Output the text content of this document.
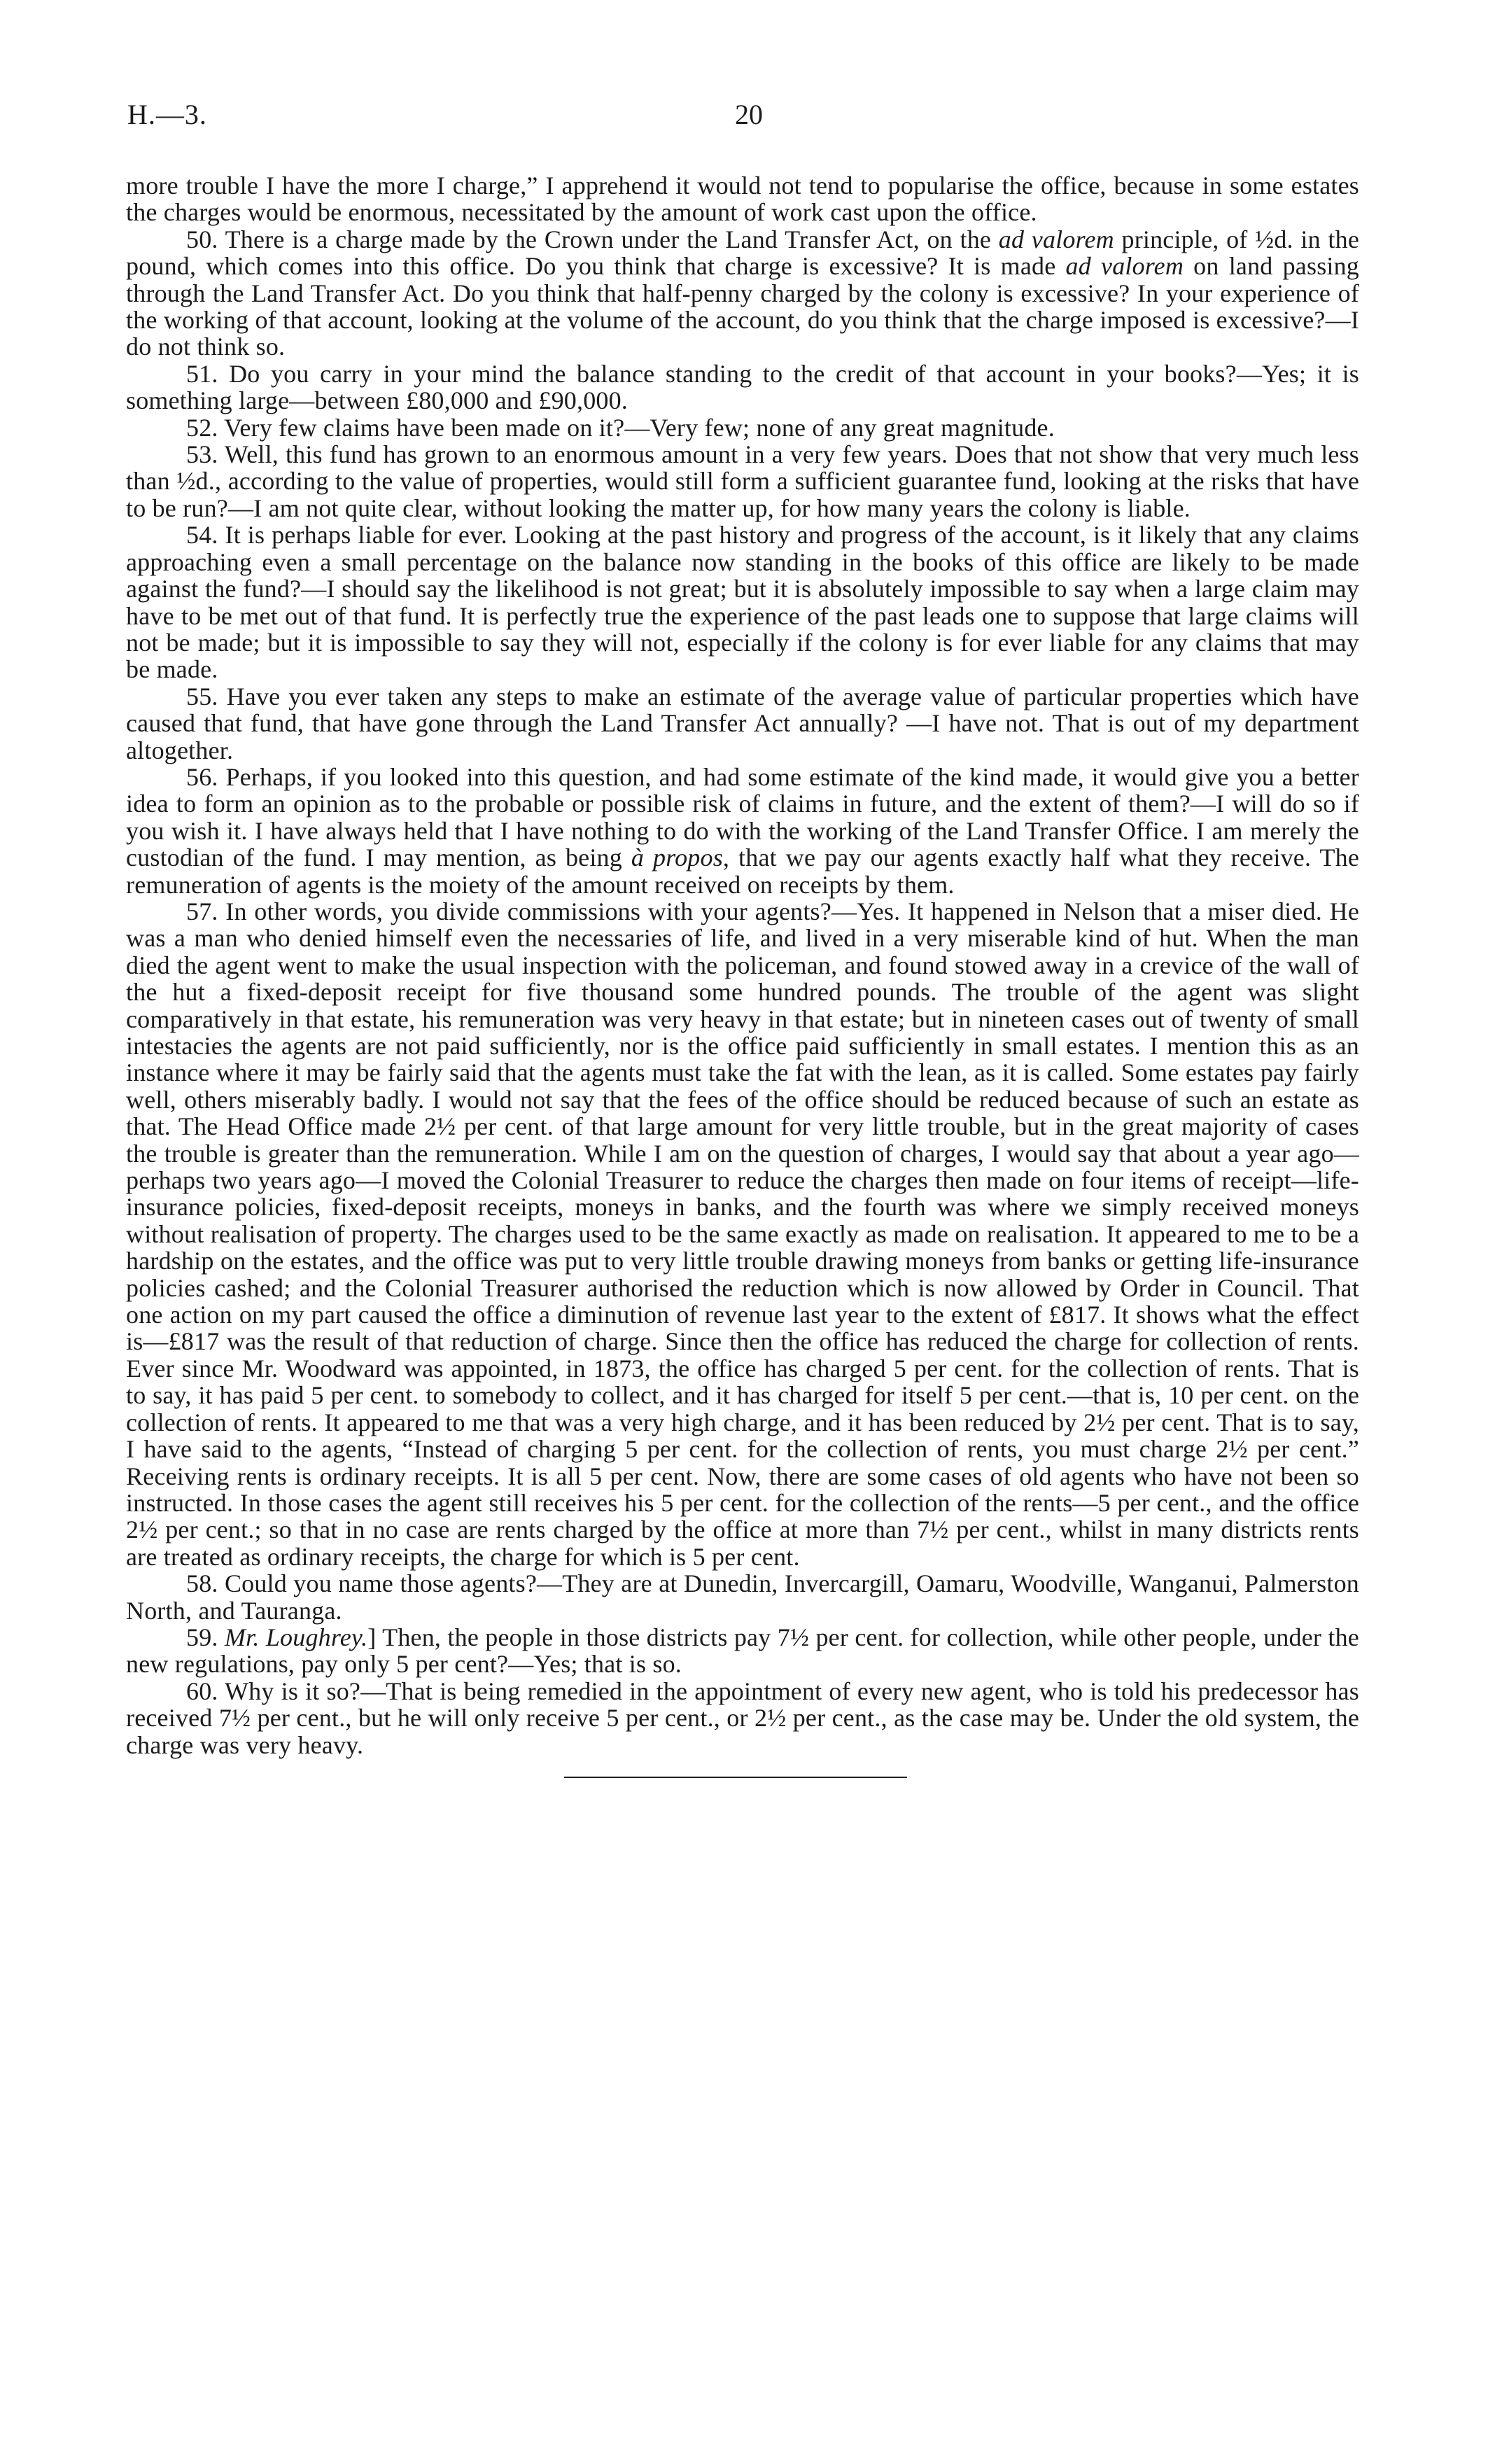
H.—3.	20

more trouble I have the more I charge,” I apprehend it would not tend to popularise the office, because in some estates the charges would be enormous, necessitated by the amount of work cast upon the office.

50. There is a charge made by the Crown under the Land Transfer Act, on the ad valorem principle, of ½d. in the pound, which comes into this office. Do you think that charge is excessive? It is made ad valorem on land passing through the Land Transfer Act. Do you think that half-penny charged by the colony is excessive? In your experience of the working of that account, looking at the volume of the account, do you think that the charge imposed is excessive?—I do not think so.

51. Do you carry in your mind the balance standing to the credit of that account in your books?—Yes; it is something large—between £80,000 and £90,000.

52. Very few claims have been made on it?—Very few; none of any great magnitude.

53. Well, this fund has grown to an enormous amount in a very few years. Does that not show that very much less than ½d., according to the value of properties, would still form a sufficient guarantee fund, looking at the risks that have to be run?—I am not quite clear, without looking the matter up, for how many years the colony is liable.

54. It is perhaps liable for ever. Looking at the past history and progress of the account, is it likely that any claims approaching even a small percentage on the balance now standing in the books of this office are likely to be made against the fund?—I should say the likelihood is not great; but it is absolutely impossible to say when a large claim may have to be met out of that fund. It is perfectly true the experience of the past leads one to suppose that large claims will not be made; but it is impossible to say they will not, especially if the colony is for ever liable for any claims that may be made.

55. Have you ever taken any steps to make an estimate of the average value of particular properties which have caused that fund, that have gone through the Land Transfer Act annually? —I have not. That is out of my department altogether.

56. Perhaps, if you looked into this question, and had some estimate of the kind made, it would give you a better idea to form an opinion as to the probable or possible risk of claims in future, and the extent of them?—I will do so if you wish it. I have always held that I have nothing to do with the working of the Land Transfer Office. I am merely the custodian of the fund. I may mention, as being à propos, that we pay our agents exactly half what they receive. The remuneration of agents is the moiety of the amount received on receipts by them.

57. In other words, you divide commissions with your agents?—Yes. It happened in Nelson that a miser died. He was a man who denied himself even the necessaries of life, and lived in a very miserable kind of hut. When the man died the agent went to make the usual inspection with the policeman, and found stowed away in a crevice of the wall of the hut a fixed-deposit receipt for five thousand some hundred pounds. The trouble of the agent was slight comparatively in that estate, his remuneration was very heavy in that estate; but in nineteen cases out of twenty of small intestacies the agents are not paid sufficiently, nor is the office paid sufficiently in small estates. I mention this as an instance where it may be fairly said that the agents must take the fat with the lean, as it is called. Some estates pay fairly well, others miserably badly. I would not say that the fees of the office should be reduced because of such an estate as that. The Head Office made 2½ per cent. of that large amount for very little trouble, but in the great majority of cases the trouble is greater than the remuneration. While I am on the question of charges, I would say that about a year ago—perhaps two years ago—I moved the Colonial Treasurer to reduce the charges then made on four items of receipt—life-insurance policies, fixed-deposit receipts, moneys in banks, and the fourth was where we simply received moneys without realisation of property. The charges used to be the same exactly as made on realisation. It appeared to me to be a hardship on the estates, and the office was put to very little trouble drawing moneys from banks or getting life-insurance policies cashed; and the Colonial Treasurer authorised the reduction which is now allowed by Order in Council. That one action on my part caused the office a diminution of revenue last year to the extent of £817. It shows what the effect is—£817 was the result of that reduction of charge. Since then the office has reduced the charge for collection of rents. Ever since Mr. Woodward was appointed, in 1873, the office has charged 5 per cent. for the collection of rents. That is to say, it has paid 5 per cent. to somebody to collect, and it has charged for itself 5 per cent.—that is, 10 per cent. on the collection of rents. It appeared to me that was a very high charge, and it has been reduced by 2½ per cent. That is to say, I have said to the agents, “Instead of charging 5 per cent. for the collection of rents, you must charge 2½ per cent.” Receiving rents is ordinary receipts. It is all 5 per cent. Now, there are some cases of old agents who have not been so instructed. In those cases the agent still receives his 5 per cent. for the collection of the rents—5 per cent., and the office 2½ per cent.; so that in no case are rents charged by the office at more than 7½ per cent., whilst in many districts rents are treated as ordinary receipts, the charge for which is 5 per cent.

58. Could you name those agents?—They are at Dunedin, Invercargill, Oamaru, Woodville, Wanganui, Palmerston North, and Tauranga.

59. Mr. Loughrey.] Then, the people in those districts pay 7½ per cent. for collection, while other people, under the new regulations, pay only 5 per cent?—Yes; that is so.

60. Why is it so?—That is being remedied in the appointment of every new agent, who is told his predecessor has received 7½ per cent., but he will only receive 5 per cent., or 2½ per cent., as the case may be. Under the old system, the charge was very heavy.
